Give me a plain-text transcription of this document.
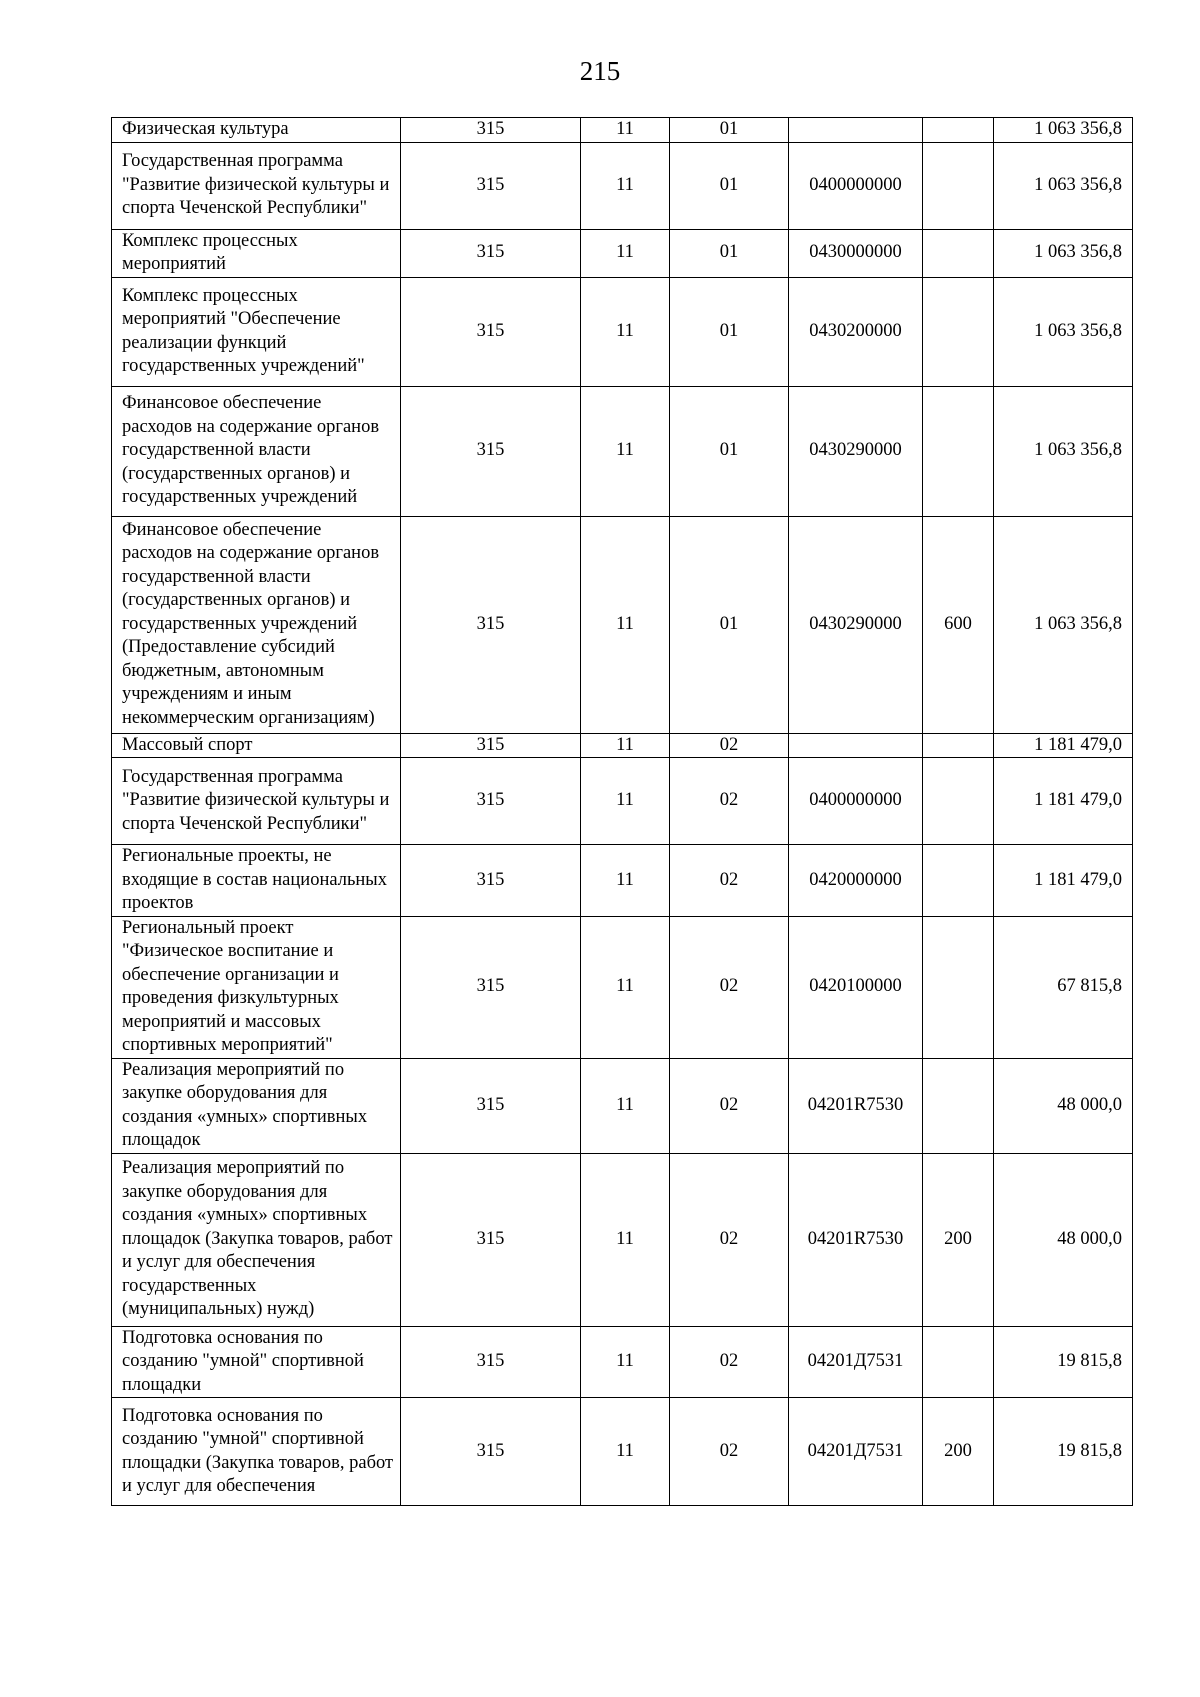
215
Физическая культура	315	11	01			1 063 356,8
Государственная программа "Развитие физической культуры и спорта Чеченской Республики"	315	11	01	0400000000		1 063 356,8
Комплекс процессных мероприятий	315	11	01	0430000000		1 063 356,8
Комплекс процессных мероприятий "Обеспечение реализации функций государственных учреждений"	315	11	01	0430200000		1 063 356,8
Финансовое обеспечение расходов на содержание органов государственной власти (государственных органов) и государственных учреждений	315	11	01	0430290000		1 063 356,8
Финансовое обеспечение расходов на содержание органов государственной власти (государственных органов) и государственных учреждений (Предоставление субсидий бюджетным, автономным учреждениям и иным некоммерческим организациям)	315	11	01	0430290000	600	1 063 356,8
Массовый спорт	315	11	02			1 181 479,0
Государственная программа "Развитие физической культуры и спорта Чеченской Республики"	315	11	02	0400000000		1 181 479,0
Региональные проекты, не входящие в состав национальных проектов	315	11	02	0420000000		1 181 479,0
Региональный проект "Физическое воспитание и обеспечение организации и проведения физкультурных мероприятий и массовых спортивных мероприятий"	315	11	02	0420100000		67 815,8
Реализация мероприятий по закупке оборудования для создания «умных» спортивных площадок	315	11	02	04201R7530		48 000,0
Реализация мероприятий по закупке оборудования для создания «умных» спортивных площадок (Закупка товаров, работ и услуг для обеспечения государственных (муниципальных) нужд)	315	11	02	04201R7530	200	48 000,0
Подготовка основания по созданию "умной" спортивной площадки	315	11	02	04201Д7531		19 815,8
Подготовка основания по созданию "умной" спортивной площадки (Закупка товаров, работ и услуг для обеспечения	315	11	02	04201Д7531	200	19 815,8
